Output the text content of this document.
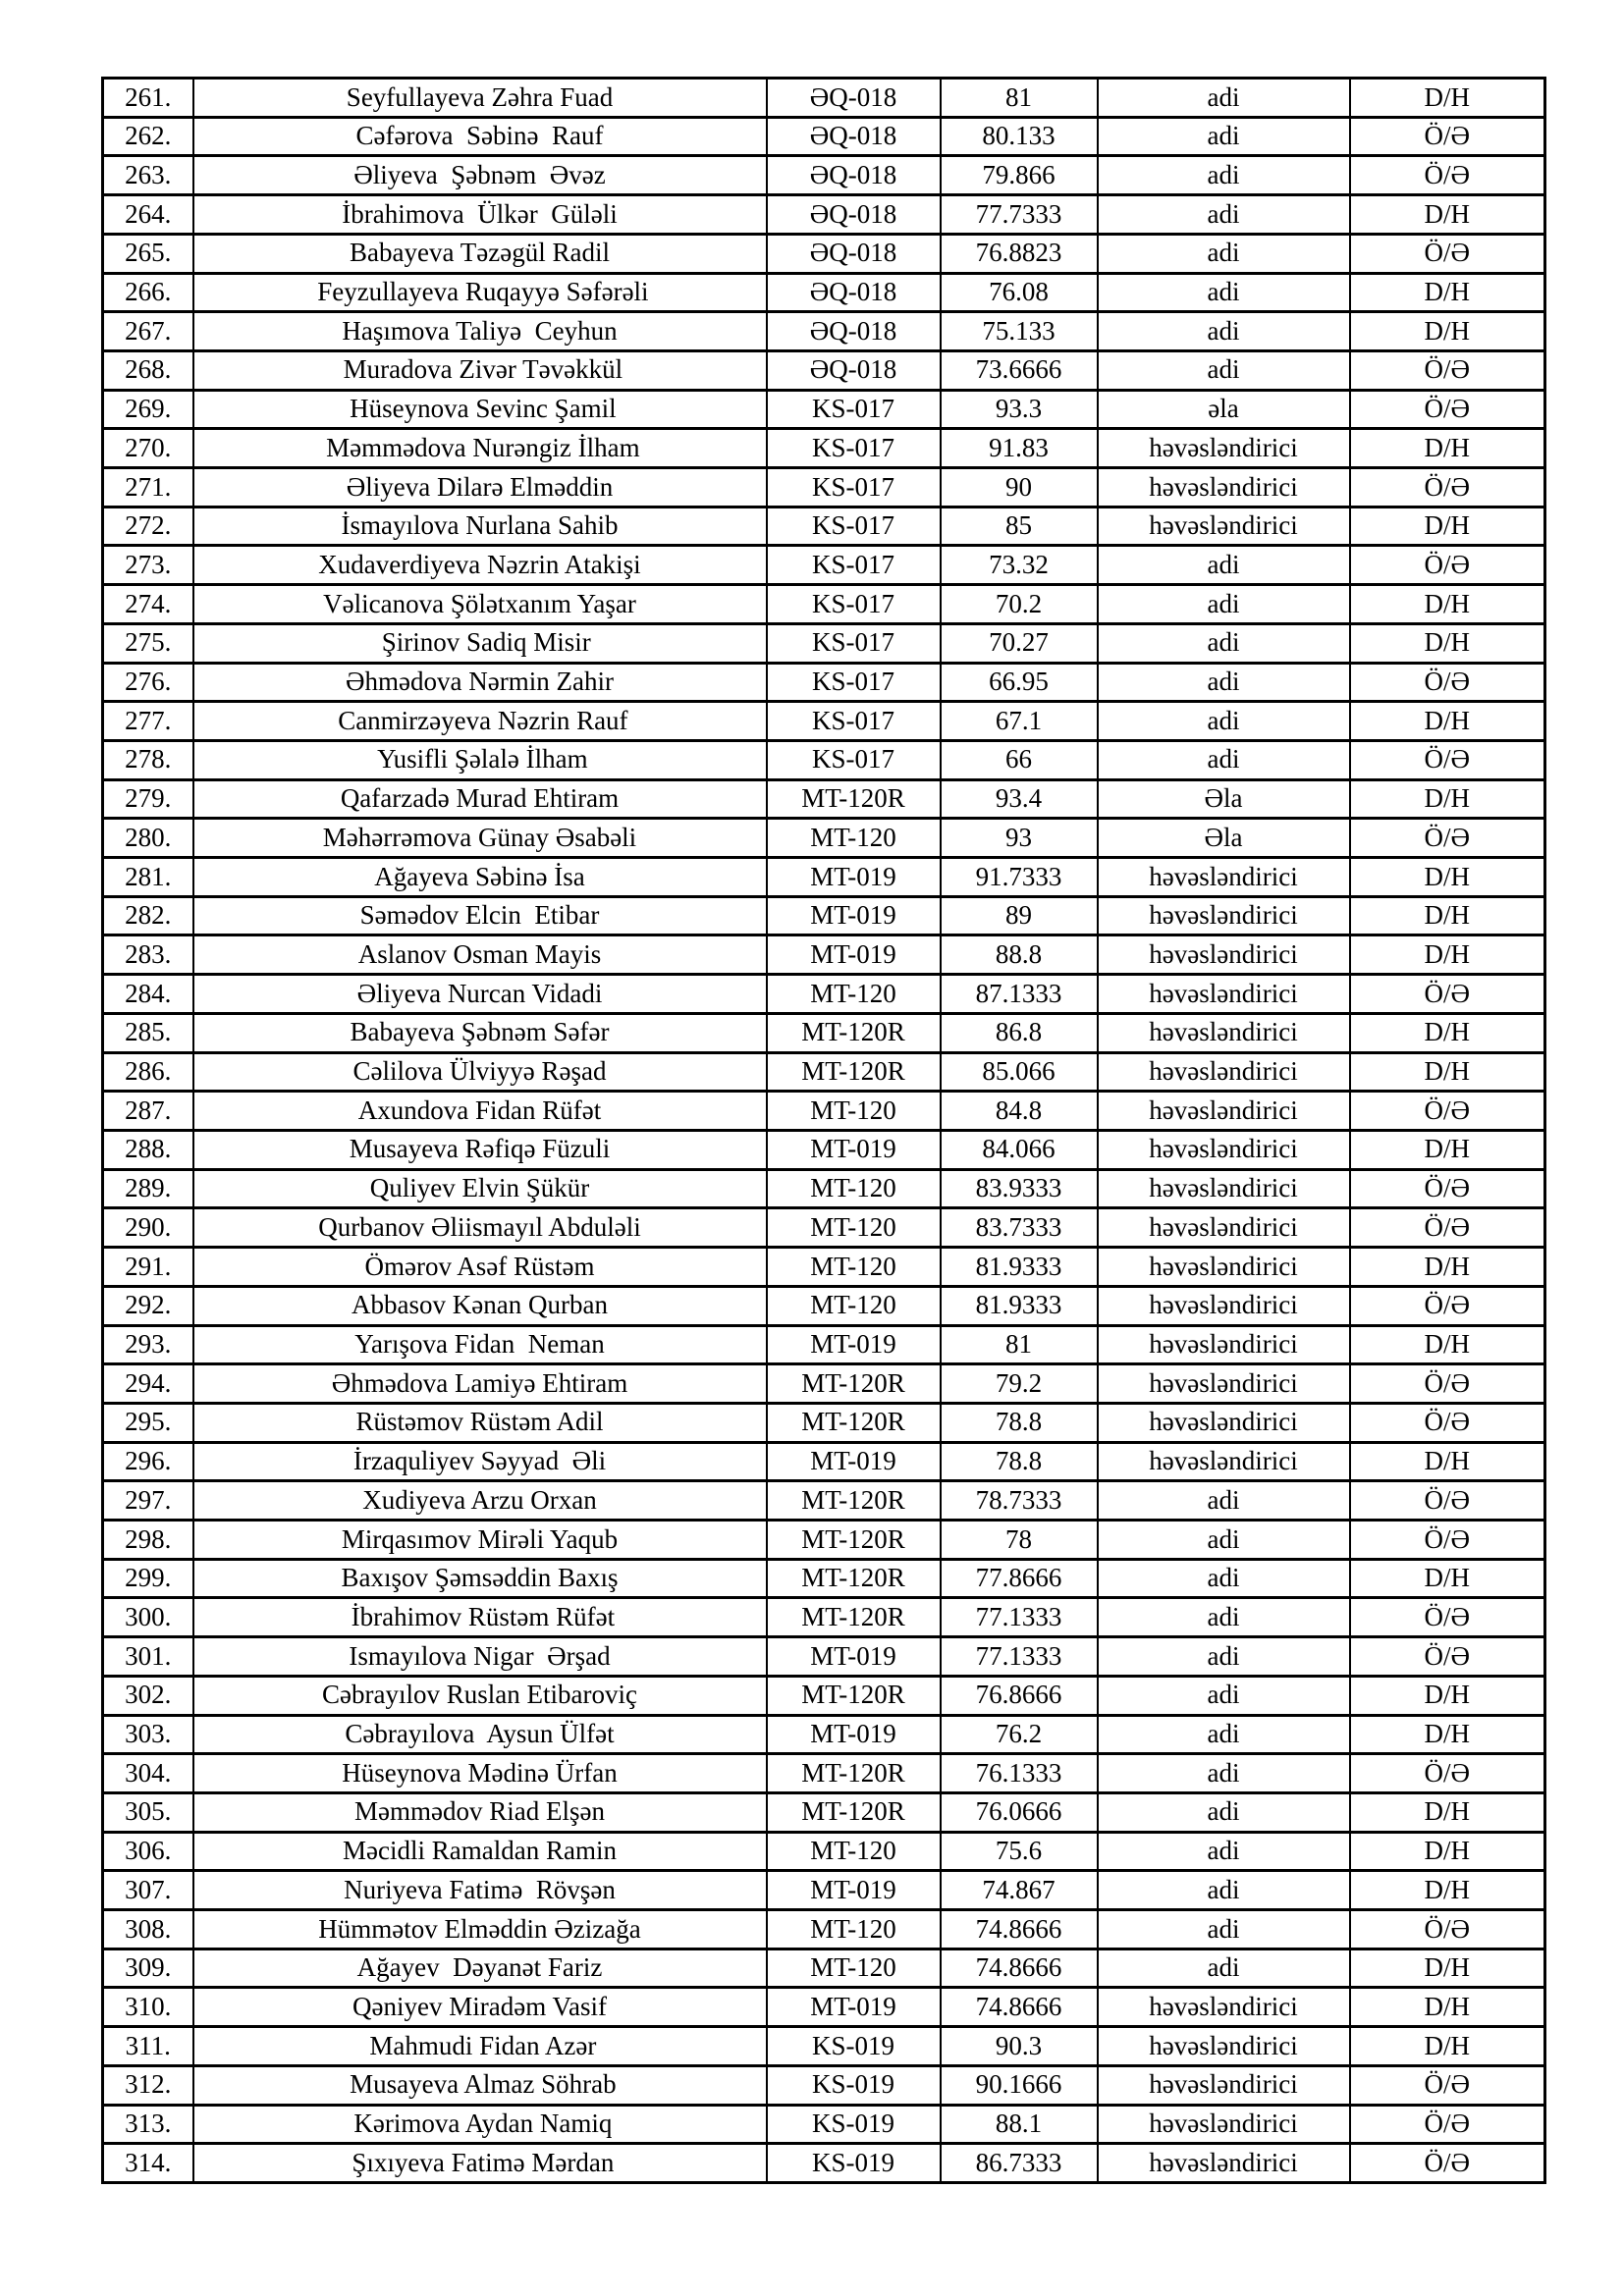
261.	Seyfullayeva Zəhra Fuad	ƏQ-018	81	adi	D/H
262.	Cəfərova  Səbinə  Rauf	ƏQ-018	80.133	adi	Ö/Ə
263.	Əliyeva  Şəbnəm  Əvəz	ƏQ-018	79.866	adi	Ö/Ə
264.	İbrahimova  Ülkər  Güləli	ƏQ-018	77.7333	adi	D/H
265.	Babayeva Təzəgül Radil	ƏQ-018	76.8823	adi	Ö/Ə
266.	Feyzullayeva Ruqayyə Səfərəli	ƏQ-018	76.08	adi	D/H
267.	Haşımova Taliyə  Ceyhun	ƏQ-018	75.133	adi	D/H
268.	Muradova Zivər Təvəkkül	ƏQ-018	73.6666	adi	Ö/Ə
269.	Hüseynova Sevinc Şamil	KS-017	93.3	əla	Ö/Ə
270.	Məmmədova Nurəngiz İlham	KS-017	91.83	həvəsləndirici	D/H
271.	Əliyeva Dilarə Elməddin	KS-017	90	həvəsləndirici	Ö/Ə
272.	İsmayılova Nurlana Sahib	KS-017	85	həvəsləndirici	D/H
273.	Xudaverdiyeva Nəzrin Atakişi	KS-017	73.32	adi	Ö/Ə
274.	Vəlicanova Şölətxanım Yaşar	KS-017	70.2	adi	D/H
275.	Şirinov Sadiq Misir	KS-017	70.27	adi	D/H
276.	Əhmədova Nərmin Zahir	KS-017	66.95	adi	Ö/Ə
277.	Canmirzəyeva Nəzrin Rauf	KS-017	67.1	adi	D/H
278.	Yusifli Şəlalə İlham	KS-017	66	adi	Ö/Ə
279.	Qafarzadə Murad Ehtiram	MT-120R	93.4	Əla	D/H
280.	Məhərrəmova Günay Əsabəli	MT-120	93	Əla	Ö/Ə
281.	Ağayeva Səbinə İsa	MT-019	91.7333	həvəsləndirici	D/H
282.	Səmədov Elcin  Etibar	MT-019	89	həvəsləndirici	D/H
283.	Aslanov Osman Mayis	MT-019	88.8	həvəsləndirici	D/H
284.	Əliyeva Nurcan Vidadi	MT-120	87.1333	həvəsləndirici	Ö/Ə
285.	Babayeva Şəbnəm Səfər	MT-120R	86.8	həvəsləndirici	D/H
286.	Cəlilova Ülviyyə Rəşad	MT-120R	85.066	həvəsləndirici	D/H
287.	Axundova Fidan Rüfət	MT-120	84.8	həvəsləndirici	Ö/Ə
288.	Musayeva Rəfiqə Füzuli	MT-019	84.066	həvəsləndirici	D/H
289.	Quliyev Elvin Şükür	MT-120	83.9333	həvəsləndirici	Ö/Ə
290.	Qurbanov Əliismayıl Abduləli	MT-120	83.7333	həvəsləndirici	Ö/Ə
291.	Ömərov Asəf Rüstəm	MT-120	81.9333	həvəsləndirici	D/H
292.	Abbasov Kənan Qurban	MT-120	81.9333	həvəsləndirici	Ö/Ə
293.	Yarışova Fidan  Neman	MT-019	81	həvəsləndirici	D/H
294.	Əhmədova Lamiyə Ehtiram	MT-120R	79.2	həvəsləndirici	Ö/Ə
295.	Rüstəmov Rüstəm Adil	MT-120R	78.8	həvəsləndirici	Ö/Ə
296.	İrzaquliyev Səyyad  Əli	MT-019	78.8	həvəsləndirici	D/H
297.	Xudiyeva Arzu Orxan	MT-120R	78.7333	adi	Ö/Ə
298.	Mirqasımov Mirəli Yaqub	MT-120R	78	adi	Ö/Ə
299.	Baxışov Şəmsəddin Baxış	MT-120R	77.8666	adi	D/H
300.	İbrahimov Rüstəm Rüfət	MT-120R	77.1333	adi	Ö/Ə
301.	Ismayılova Nigar  Ərşad	MT-019	77.1333	adi	Ö/Ə
302.	Cəbrayılov Ruslan Etibaroviç	MT-120R	76.8666	adi	D/H
303.	Cəbrayılova  Aysun Ülfət	MT-019	76.2	adi	D/H
304.	Hüseynova Mədinə Ürfan	MT-120R	76.1333	adi	Ö/Ə
305.	Məmmədov Riad Elşən	MT-120R	76.0666	adi	D/H
306.	Məcidli Ramaldan Ramin	MT-120	75.6	adi	D/H
307.	Nuriyeva Fatimə  Rövşən	MT-019	74.867	adi	D/H
308.	Hümmətov Elməddin Əzizağa	MT-120	74.8666	adi	Ö/Ə
309.	Ağayev  Dəyanət Fariz	MT-120	74.8666	adi	D/H
310.	Qəniyev Miradəm Vasif	MT-019	74.8666	həvəsləndirici	D/H
311.	Mahmudi Fidan Azər	KS-019	90.3	həvəsləndirici	D/H
312.	Musayeva Almaz Söhrab	KS-019	90.1666	həvəsləndirici	Ö/Ə
313.	Kərimova Aydan Namiq	KS-019	88.1	həvəsləndirici	Ö/Ə
314.	Şıxıyeva Fatimə Mərdan	KS-019	86.7333	həvəsləndirici	Ö/Ə
